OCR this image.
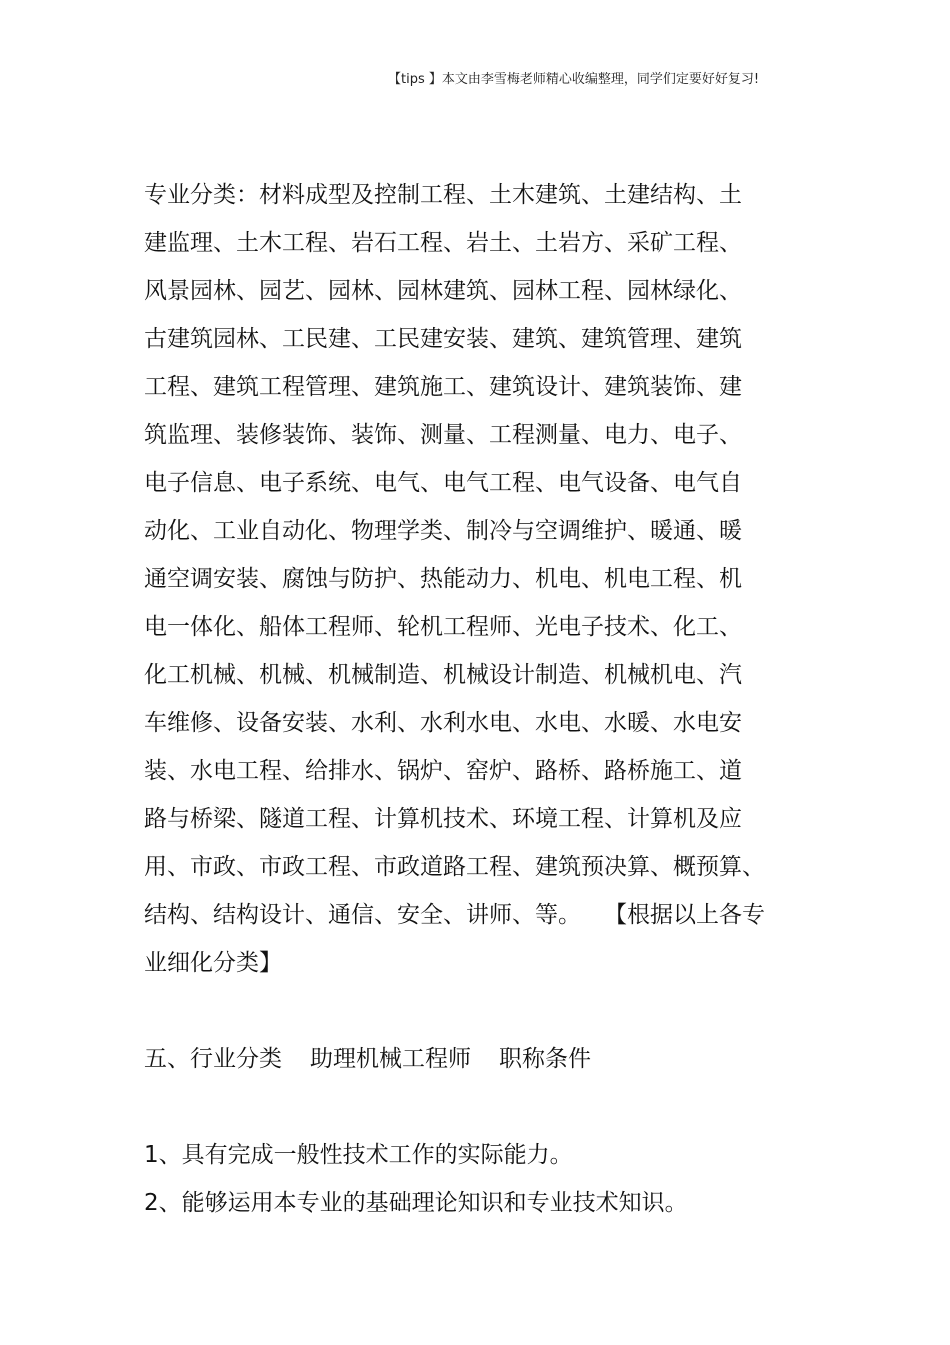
【tips 】本文由李雪梅老师精心收编整理，同学们定要好好复习!
专业分类：材料成型及控制工程、土木建筑、土建结构、土
建监理、土木工程、岩石工程、岩土、土岩方、采矿工程、
风景园林、园艺、园林、园林建筑、园林工程、园林绿化、
古建筑园林、工民建、工民建安装、建筑、建筑管理、建筑
工程、建筑工程管理、建筑施工、建筑设计、建筑装饰、建
筑监理、装修装饰、装饰、测量、工程测量、电力、电子、
电子信息、电子系统、电气、电气工程、电气设备、电气自
动化、工业自动化、物理学类、制冷与空调维护、暖通、暖
通空调安装、腐蚀与防护、热能动力、机电、机电工程、机
电一体化、船体工程师、轮机工程师、光电子技术、化工、
化工机械、机械、机械制造、机械设计制造、机械机电、汽
车维修、设备安装、水利、水利水电、水电、水暖、水电安
装、水电工程、给排水、锅炉、窑炉、路桥、路桥施工、道
路与桥梁、隧道工程、计算机技术、环境工程、计算机及应
用、市政、市政工程、市政道路工程、建筑预决算、概预算、
结构、结构设计、通信、安全、讲师、等。　　【根据以上各专
业细化分类】
五、行业分类 助理机械工程师 职称条件
1、具有完成一般性技术工作的实际能力。
2、能够运用本专业的基础理论知识和专业技术知识。
